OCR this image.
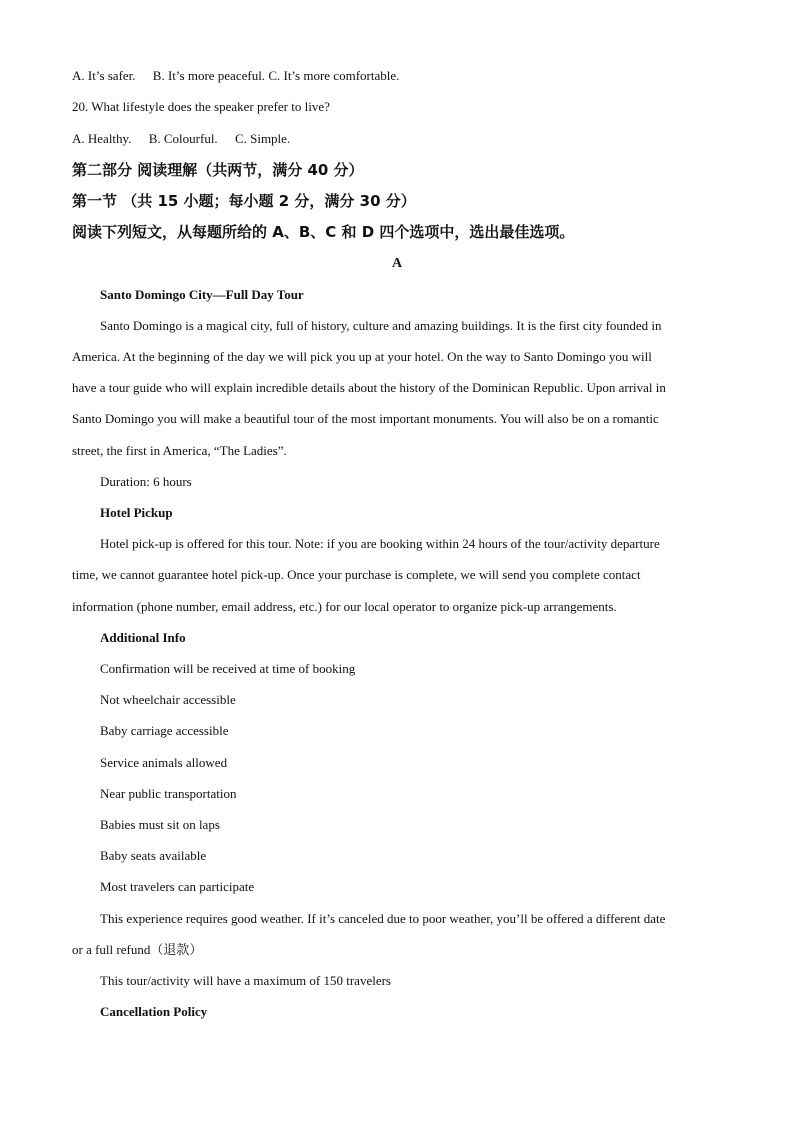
A. It’s safer. B. It’s more peaceful. C. It’s more comfortable.
20. What lifestyle does the speaker prefer to live?
A. Healthy. B. Colourful. C. Simple.
第二部分 阅读理解（共两节，满分 40 分）
第一节 （共 15 小题；每小题 2 分，满分 30 分）
阅读下列短文，从每题所给的 A、B、C 和 D 四个选项中，选出最佳选项。
A
Santo Domingo City—Full Day Tour
Santo Domingo is a magical city, full of history, culture and amazing buildings. It is the first city founded in
America. At the beginning of the day we will pick you up at your hotel. On the way to Santo Domingo you will
have a tour guide who will explain incredible details about the history of the Dominican Republic. Upon arrival in
Santo Domingo you will make a beautiful tour of the most important monuments. You will also be on a romantic
street, the first in America, “The Ladies”.
Duration: 6 hours
Hotel Pickup
Hotel pick-up is offered for this tour. Note: if you are booking within 24 hours of the tour/activity departure
time, we cannot guarantee hotel pick-up. Once your purchase is complete, we will send you complete contact
information (phone number, email address, etc.) for our local operator to organize pick-up arrangements.
Additional Info
Confirmation will be received at time of booking
Not wheelchair accessible
Baby carriage accessible
Service animals allowed
Near public transportation
Babies must sit on laps
Baby seats available
Most travelers can participate
This experience requires good weather. If it’s canceled due to poor weather, you’ll be offered a different date
or a full refund（退款）
This tour/activity will have a maximum of 150 travelers
Cancellation Policy
